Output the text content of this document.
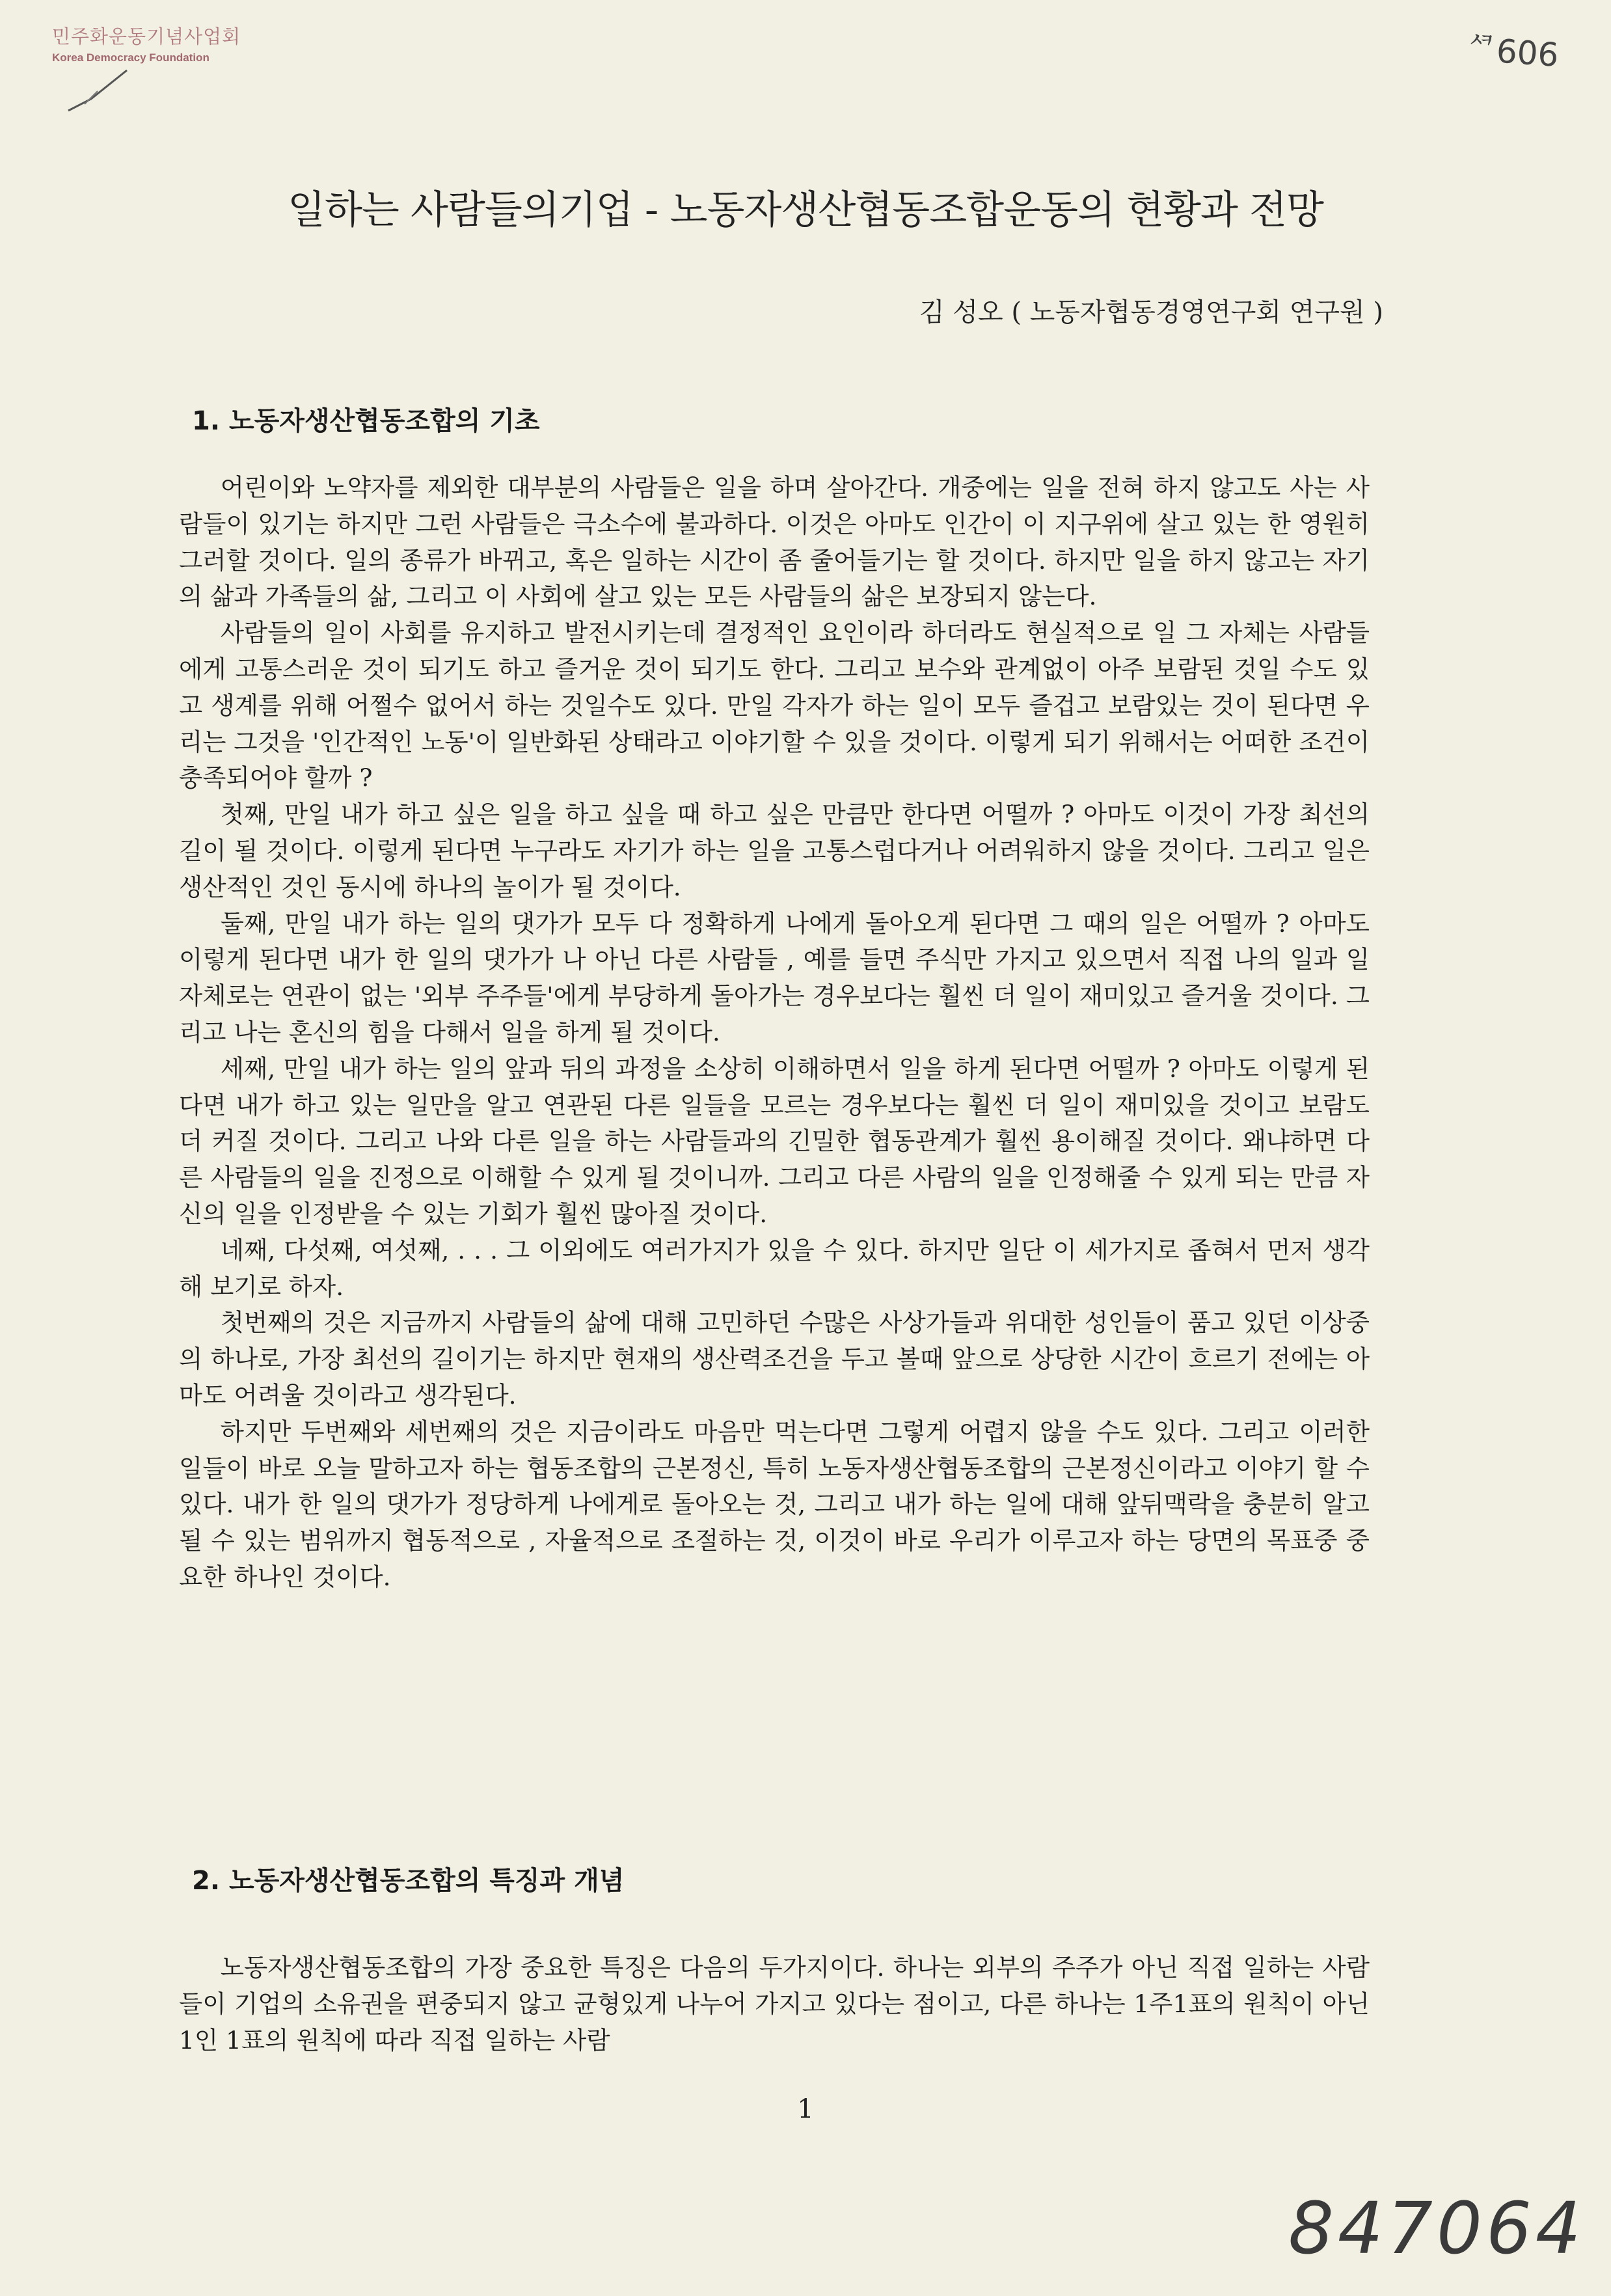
민주화운동기념사업회
Korea Democracy Foundation	ᄸ606
일하는 사람들의기업 - 노동자생산협동조합운동의 현황과 전망
김 성오 ( 노동자협동경영연구회 연구원 )
1. 노동자생산협동조합의 기초
어린이와 노약자를 제외한 대부분의 사람들은 일을 하며 살아간다. 개중에는 일을 전혀 하지 않고도 사는 사람들이 있기는 하지만 그런 사람들은 극소수에 불과하다. 이것은 아마도 인간이 이 지구위에 살고 있는 한 영원히 그러할 것이다. 일의 종류가 바뀌고, 혹은 일하는 시간이 좀 줄어들기는 할 것이다. 하지만 일을 하지 않고는 자기의 삶과 가족들의 삶, 그리고 이 사회에 살고 있는 모든 사람들의 삶은 보장되지 않는다.
사람들의 일이 사회를 유지하고 발전시키는데 결정적인 요인이라 하더라도 현실적으로 일 그 자체는 사람들에게 고통스러운 것이 되기도 하고 즐거운 것이 되기도 한다. 그리고 보수와 관계없이 아주 보람된 것일 수도 있고 생계를 위해 어쩔수 없어서 하는 것일수도 있다. 만일 각자가 하는 일이 모두 즐겁고 보람있는 것이 된다면 우리는 그것을 '인간적인 노동'이 일반화된 상태라고 이야기할 수 있을 것이다. 이렇게 되기 위해서는 어떠한 조건이 충족되어야 할까 ?
첫째, 만일 내가 하고 싶은 일을 하고 싶을 때 하고 싶은 만큼만 한다면 어떨까 ? 아마도 이것이 가장 최선의 길이 될 것이다. 이렇게 된다면 누구라도 자기가 하는 일을 고통스럽다거나 어려워하지 않을 것이다. 그리고 일은 생산적인 것인 동시에 하나의 놀이가 될 것이다.
둘째, 만일 내가 하는 일의 댓가가 모두 다 정확하게 나에게 돌아오게 된다면 그 때의 일은 어떨까 ? 아마도 이렇게 된다면 내가 한 일의 댓가가 나 아닌 다른 사람들 , 예를 들면 주식만 가지고 있으면서 직접 나의 일과 일자체로는 연관이 없는 '외부 주주들'에게 부당하게 돌아가는 경우보다는 훨씬 더 일이 재미있고 즐거울 것이다. 그리고 나는 혼신의 힘을 다해서 일을 하게 될 것이다.
세째, 만일 내가 하는 일의 앞과 뒤의 과정을 소상히 이해하면서 일을 하게 된다면 어떨까 ? 아마도 이렇게 된다면 내가 하고 있는 일만을 알고 연관된 다른 일들을 모르는 경우보다는 훨씬 더 일이 재미있을 것이고 보람도 더 커질 것이다. 그리고 나와 다른 일을 하는 사람들과의 긴밀한 협동관계가 훨씬 용이해질 것이다. 왜냐하면 다른 사람들의 일을 진정으로 이해할 수 있게 될 것이니까. 그리고 다른 사람의 일을 인정해줄 수 있게 되는 만큼 자신의 일을 인정받을 수 있는 기회가 훨씬 많아질 것이다.
네째, 다섯째, 여섯째, . . . 그 이외에도 여러가지가 있을 수 있다. 하지만 일단 이 세가지로 좁혀서 먼저 생각해 보기로 하자.
첫번째의 것은 지금까지 사람들의 삶에 대해 고민하던 수많은 사상가들과 위대한 성인들이 품고 있던 이상중의 하나로, 가장 최선의 길이기는 하지만 현재의 생산력조건을 두고 볼때 앞으로 상당한 시간이 흐르기 전에는 아마도 어려울 것이라고 생각된다.
하지만 두번째와 세번째의 것은 지금이라도 마음만 먹는다면 그렇게 어렵지 않을 수도 있다. 그리고 이러한 일들이 바로 오늘 말하고자 하는 협동조합의 근본정신, 특히 노동자생산협동조합의 근본정신이라고 이야기 할 수 있다. 내가 한 일의 댓가가 정당하게 나에게로 돌아오는 것, 그리고 내가 하는 일에 대해 앞뒤맥락을 충분히 알고 될 수 있는 범위까지 협동적으로 , 자율적으로 조절하는 것, 이것이 바로 우리가 이루고자 하는 당면의 목표중 중요한 하나인 것이다.
2. 노동자생산협동조합의 특징과 개념
노동자생산협동조합의 가장 중요한 특징은 다음의 두가지이다. 하나는 외부의 주주가 아닌 직접 일하는 사람들이 기업의 소유권을 편중되지 않고 균형있게 나누어 가지고 있다는 점이고, 다른 하나는 1주1표의 원칙이 아닌 1인 1표의 원칙에 따라 직접 일하는 사람
1
847064
